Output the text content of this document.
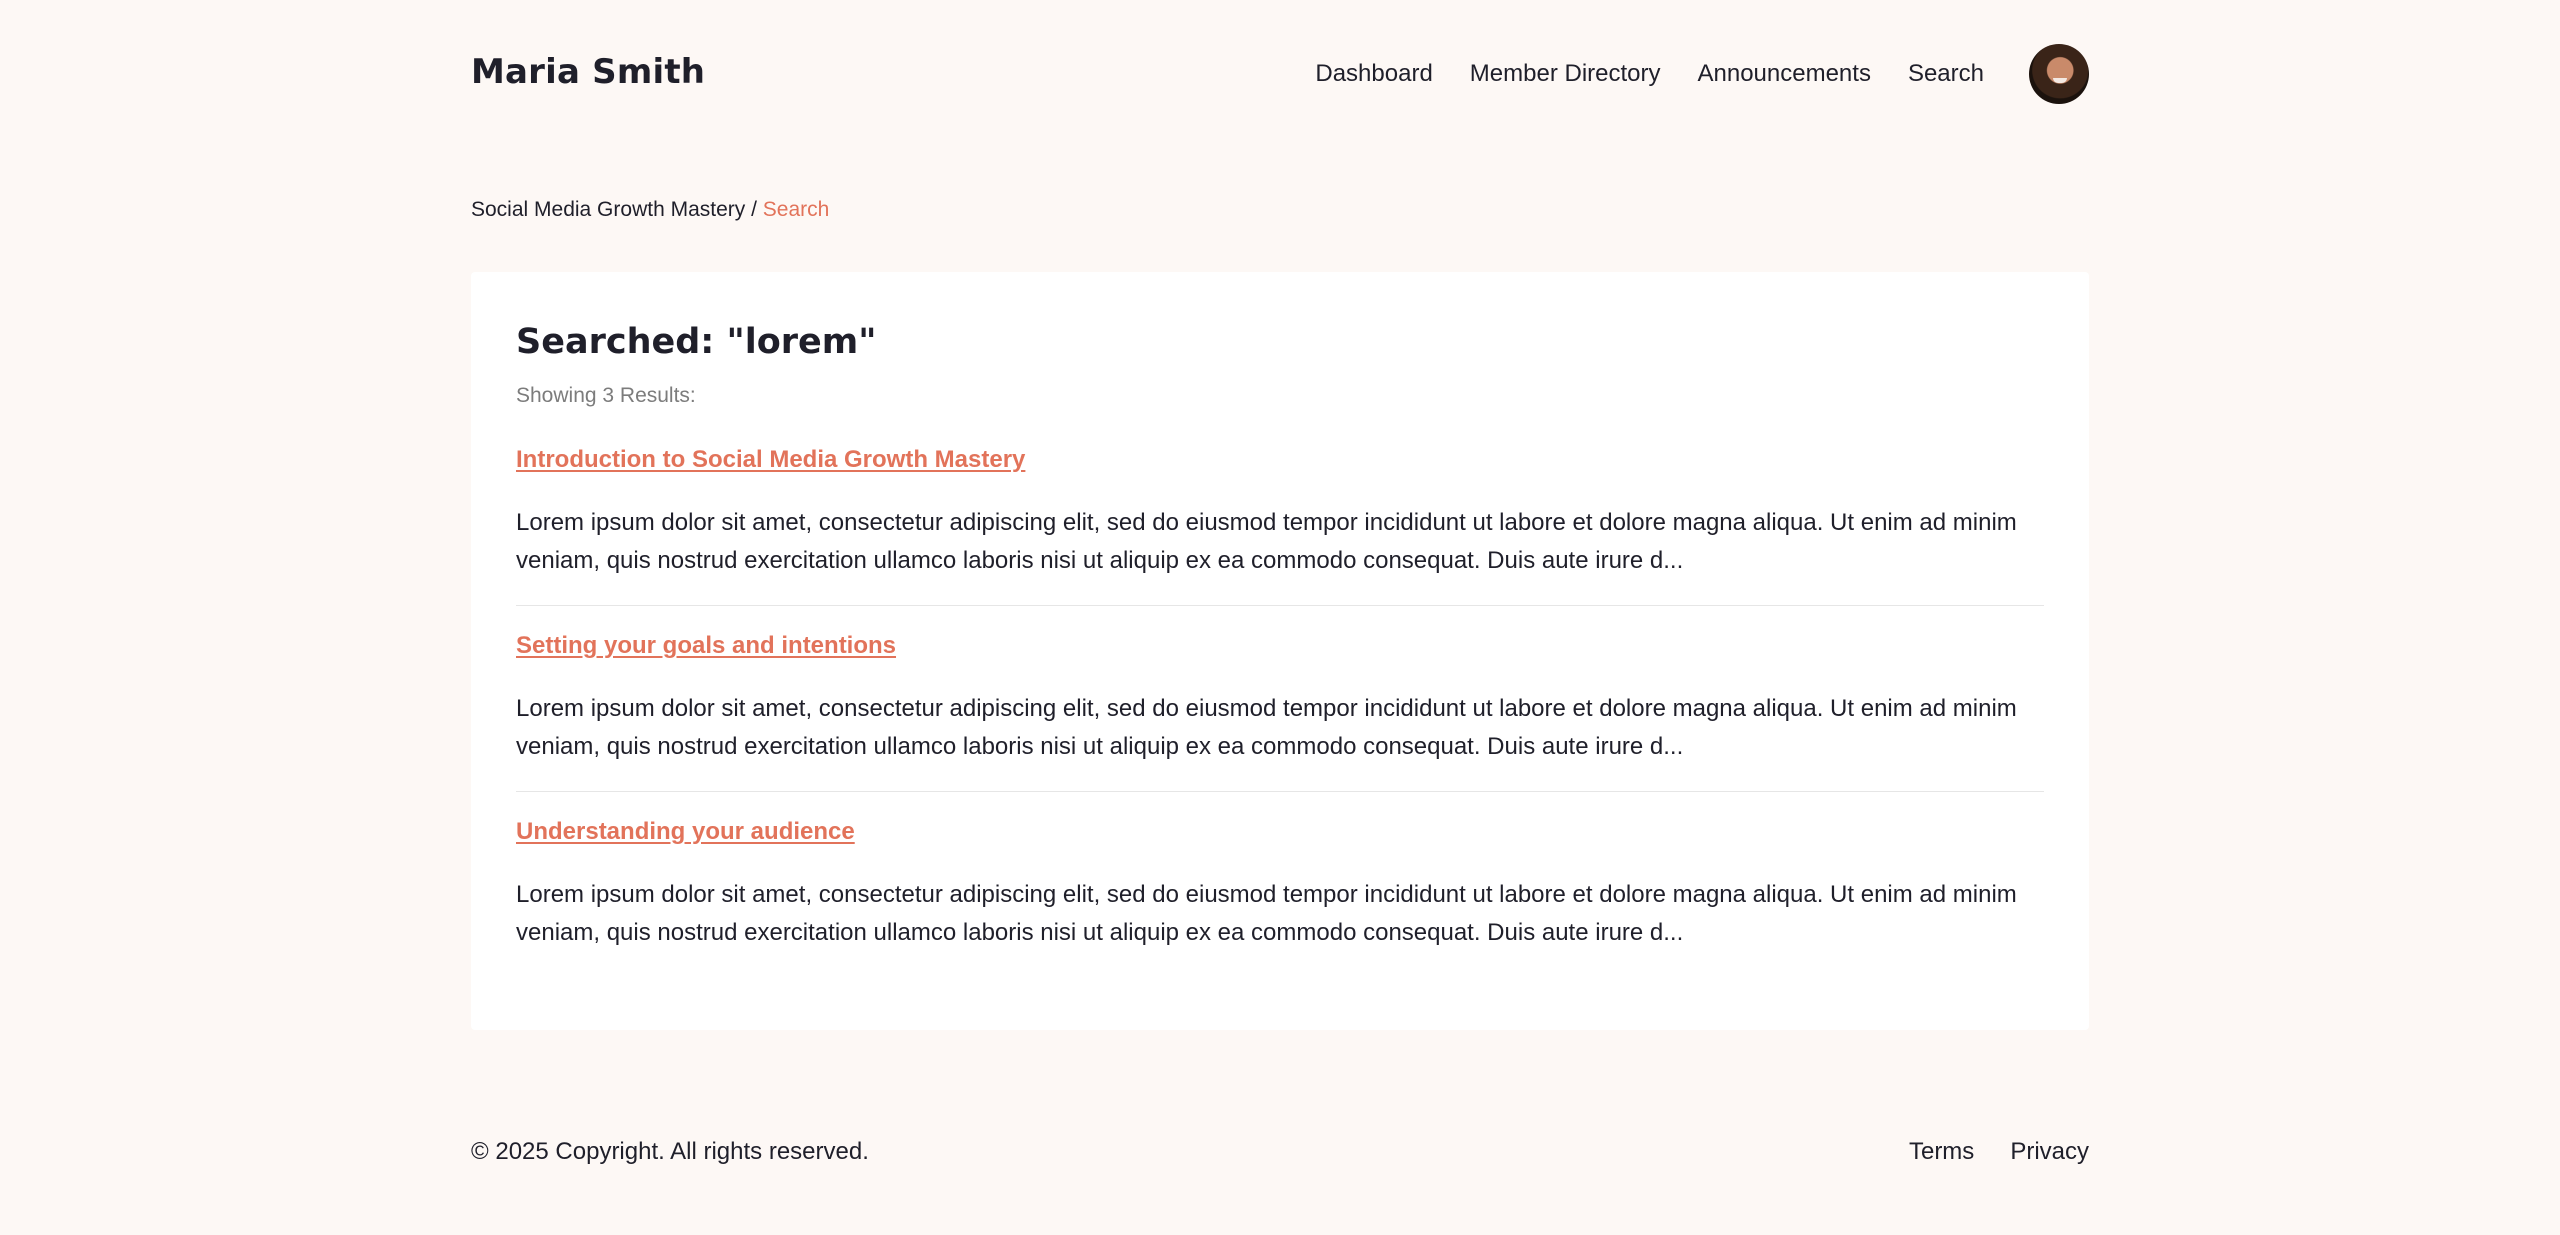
Maria Smith	Dashboard Member Directory Announcements Search
Social Media Growth Mastery / Search
Searched: "lorem"
Showing 3 Results:
Introduction to Social Media Growth Mastery

Lorem ipsum dolor sit amet, consectetur adipiscing elit, sed do eiusmod tempor incididunt ut labore et dolore magna aliqua. Ut enim ad minim veniam, quis nostrud exercitation ullamco laboris nisi ut aliquip ex ea commodo consequat. Duis aute irure d...

Setting your goals and intentions

Lorem ipsum dolor sit amet, consectetur adipiscing elit, sed do eiusmod tempor incididunt ut labore et dolore magna aliqua. Ut enim ad minim veniam, quis nostrud exercitation ullamco laboris nisi ut aliquip ex ea commodo consequat. Duis aute irure d...

Understanding your audience

Lorem ipsum dolor sit amet, consectetur adipiscing elit, sed do eiusmod tempor incididunt ut labore et dolore magna aliqua. Ut enim ad minim veniam, quis nostrud exercitation ullamco laboris nisi ut aliquip ex ea commodo consequat. Duis aute irure d...

© 2025 Copyright. All rights reserved.	Terms Privacy
